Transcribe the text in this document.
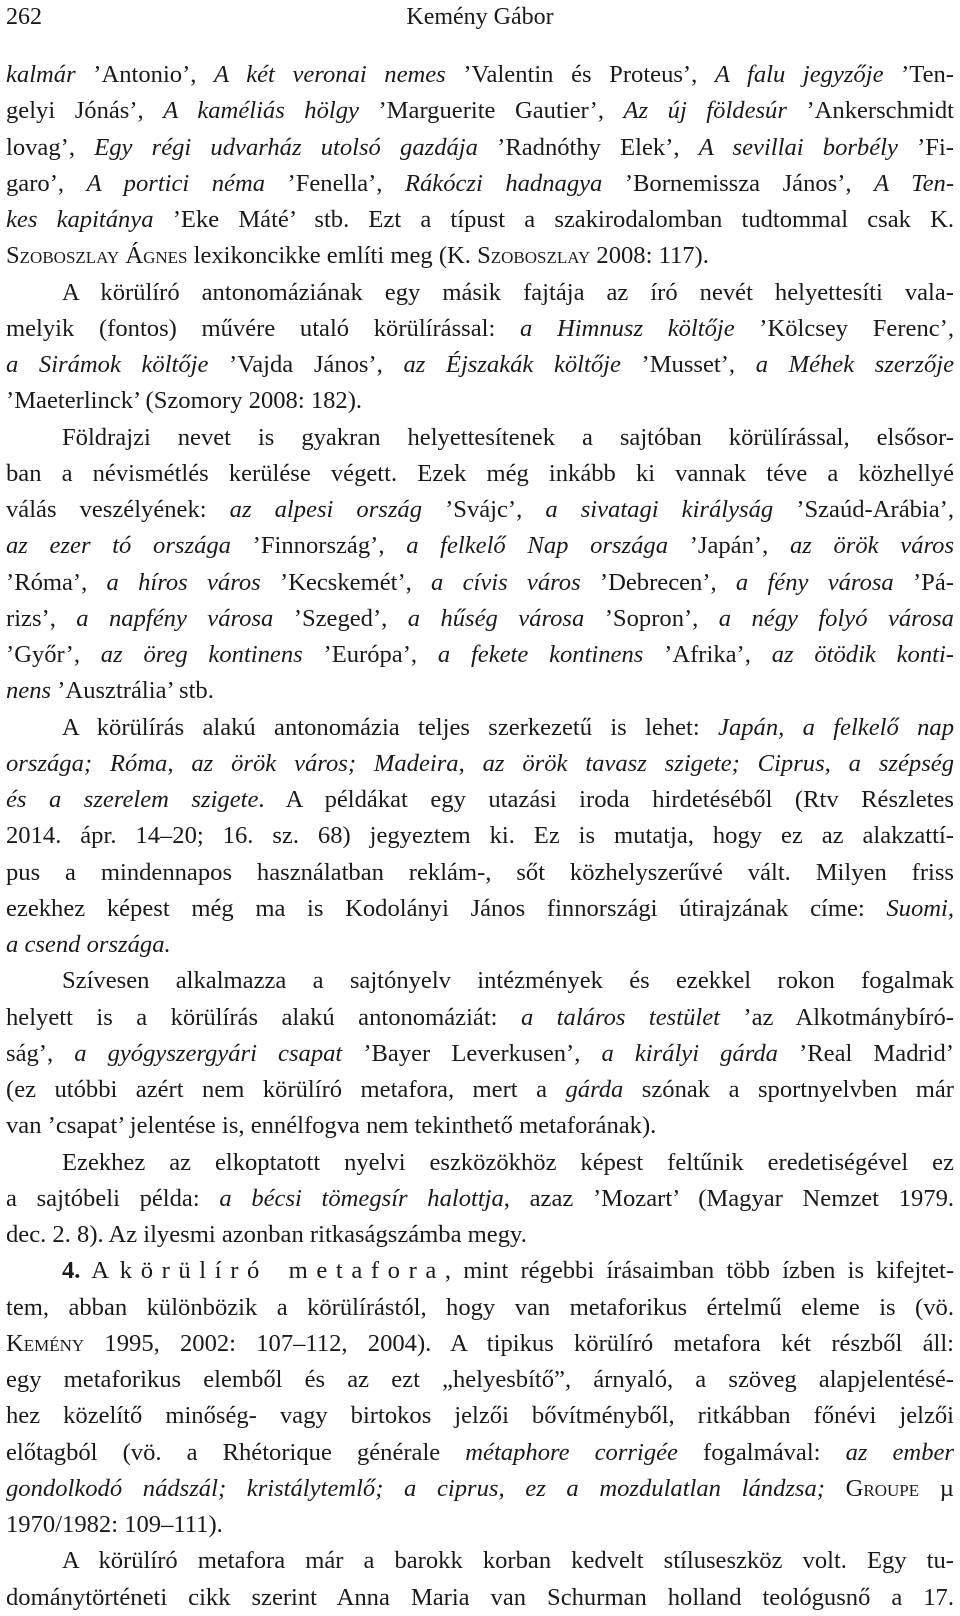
262	Kemény Gábor
kalmár ’Antonio’, A két veronai nemes ’Valentin és Proteus’, A falu jegyzője ’Ten-
gelyi Jónás’, A kaméliás hölgy ’Marguerite Gautier’, Az új földesúr ’Ankerschmidt
lovag’, Egy régi udvarház utolsó gazdája ’Radnóthy Elek’, A sevillai borbély ’Fi-
garo’, A portici néma ’Fenella’, Rákóczi hadnagya ’Bornemissza János’, A Ten-
kes kapitánya ’Eke Máté’ stb. Ezt a típust a szakirodalomban tudtommal csak K.
Szoboszlay Ágnes lexikoncikke említi meg (K. Szoboszlay 2008: 117).
A körülíró antonomáziának egy másik fajtája az író nevét helyettesíti vala-
melyik (fontos) művére utaló körülírással: a Himnusz költője ’Kölcsey Ferenc’,
a Sirámok költője ’Vajda János’, az Éjszakák költője ’Musset’, a Méhek szerzője
’Maeterlinck’ (Szomory 2008: 182).
Földrajzi nevet is gyakran helyettesítenek a sajtóban körülírással, elsősor-
ban a névismétlés kerülése végett. Ezek még inkább ki vannak téve a közhellyé
válás veszélyének: az alpesi ország ’Svájc’, a sivatagi királyság ’Szaúd-Arábia’,
az ezer tó országa ’Finnország’, a felkelő Nap országa ’Japán’, az örök város
’Róma’, a híros város ’Kecskemét’, a cívis város ’Debrecen’, a fény városa ’Pá-
rizs’, a napfény városa ’Szeged’, a hűség városa ’Sopron’, a négy folyó városa
’Győr’, az öreg kontinens ’Európa’, a fekete kontinens ’Afrika’, az ötödik konti-
nens ’Ausztrália’ stb.
A körülírás alakú antonomázia teljes szerkezetű is lehet: Japán, a felkelő nap
országa; Róma, az örök város; Madeira, az örök tavasz szigete; Ciprus, a szépség
és a szerelem szigete. A példákat egy utazási iroda hirdetéséből (Rtv Részletes
2014. ápr. 14–20; 16. sz. 68) jegyeztem ki. Ez is mutatja, hogy ez az alakzattí-
pus a mindennapos használatban reklám-, sőt közhelyszerűvé vált. Milyen friss
ezekhez képest még ma is Kodolányi János finnországi útirajzának címe: Suomi,
a csend országa.
Szívesen alkalmazza a sajtónyelv intézmények és ezekkel rokon fogalmak
helyett is a körülírás alakú antonomáziát: a taláros testület ’az Alkotmánybíró-
ság’, a gyógyszergyári csapat ’Bayer Leverkusen’, a királyi gárda ’Real Madrid’
(ez utóbbi azért nem körülíró metafora, mert a gárda szónak a sportnyelvben már
van ’csapat’ jelentése is, ennélfogva nem tekinthető metaforának).
Ezekhez az elkoptatott nyelvi eszközökhöz képest feltűnik eredetiségével ez
a sajtóbeli példa: a bécsi tömegsír halottja, azaz ’Mozart’ (Magyar Nemzet 1979.
dec. 2. 8). Az ilyesmi azonban ritkaságszámba megy.
4. A körülíró metafora, mint régebbi írásaimban több ízben is kifejtet-
tem, abban különbözik a körülírástól, hogy van metaforikus értelmű eleme is (vö.
Kemény 1995, 2002: 107–112, 2004). A tipikus körülíró metafora két részből áll:
egy metaforikus elemből és az ezt „helyesbítő”, árnyaló, a szöveg alapjelentésé-
hez közelítő minőség- vagy birtokos jelzői bővítményből, ritkábban főnévi jelzői
előtagból (vö. a Rhétorique générale métaphore corrigée fogalmával: az ember
gondolkodó nádszál; kristálytemlő; a ciprus, ez a mozdulatlan lándzsa; Groupe µ
1970/1982: 109–111).
A körülíró metafora már a barokk korban kedvelt stíluseszköz volt. Egy tu-
dománytörténeti cikk szerint Anna Maria van Schurman holland teológusnő a 17.
